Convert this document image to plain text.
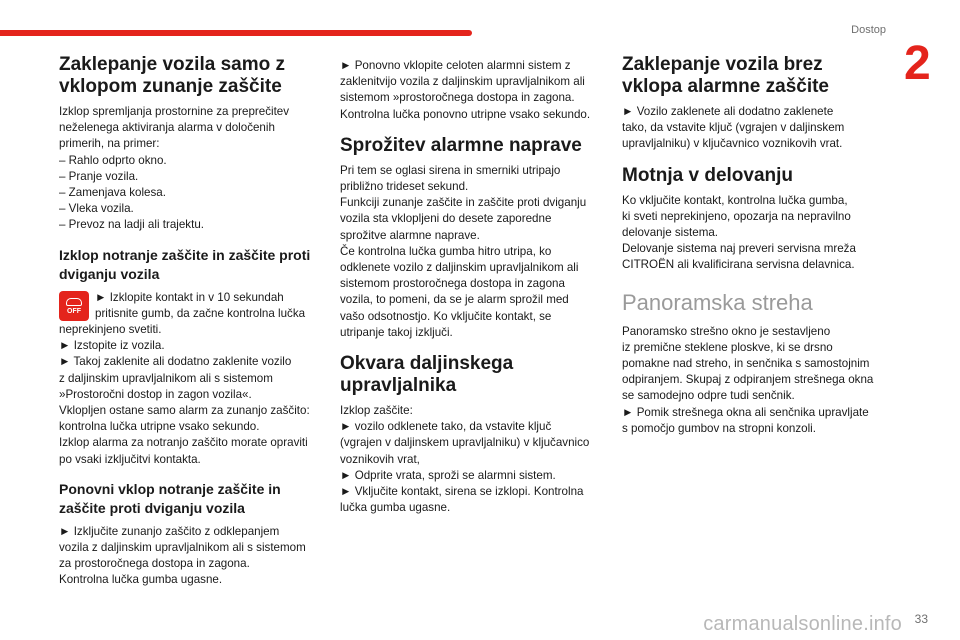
Dostop
2
Zaklepanje vozila samo z
vklopom zunanje zaščite

Izklop spremljanja prostornine za preprečitev

neželenega aktiviranja alarma v določenih

primerih, na primer:

– Rahlo odprto okno.

– Pranje vozila.

– Zamenjava kolesa.

– Vleka vozila.

– Prevoz na ladji ali trajektu.

Izklop notranje zaščite in zaščite proti
dviganju vozila
OFF

► Izklopite kontakt in v 10 sekundah

pritisnite gumb, da začne kontrolna lučka

neprekinjeno svetiti.

► Izstopite iz vozila.

► Takoj zaklenite ali dodatno zaklenite vozilo

z daljinskim upravljalnikom ali s sistemom

»Prostoročni dostop in zagon vozila«.

Vklopljen ostane samo alarm za zunanjo zaščito:

kontrolna lučka utripne vsako sekundo.

Izklop alarma za notranjo zaščito morate opraviti

po vsaki izključitvi kontakta.

Ponovni vklop notranje zaščite in
zaščite proti dviganju vozila

► Izključite zunanjo zaščito z odklepanjem

vozila z daljinskim upravljalnikom ali s sistemom

za prostoročnega dostopa in zagona.

Kontrolna lučka gumba ugasne.

► Ponovno vklopite celoten alarmni sistem z

zaklenitvijo vozila z daljinskim upravljalnikom ali

sistemom »prostoročnega dostopa in zagona.

Kontrolna lučka ponovno utripne vsako sekundo.

Sprožitev alarmne naprave

Pri tem se oglasi sirena in smerniki utripajo

približno trideset sekund.

Funkciji zunanje zaščite in zaščite proti dviganju

vozila sta vklopljeni do desete zaporedne

sprožitve alarmne naprave.

Če kontrolna lučka gumba hitro utripa, ko

odklenete vozilo z daljinskim upravljalnikom ali

sistemom prostoročnega dostopa in zagona

vozila, to pomeni, da se je alarm sprožil med

vašo odsotnostjo. Ko vključite kontakt, se

utripanje takoj izključi.

Okvara daljinskega
upravljalnika

Izklop zaščite:

► vozilo odklenete tako, da vstavite ključ

(vgrajen v daljinskem upravljalniku) v ključavnico

voznikovih vrat,

► Odprite vrata, sproži se alarmni sistem.

► Vključite kontakt, sirena se izklopi. Kontrolna

lučka gumba ugasne.

Zaklepanje vozila brez
vklopa alarmne zaščite

► Vozilo zaklenete ali dodatno zaklenete

tako, da vstavite ključ (vgrajen v daljinskem

upravljalniku) v ključavnico voznikovih vrat.

Motnja v delovanju

Ko vključite kontakt, kontrolna lučka gumba,

ki sveti neprekinjeno, opozarja na nepravilno

delovanje sistema.

Delovanje sistema naj preveri servisna mreža

CITROËN ali kvalificirana servisna delavnica.

Panoramska streha

Panoramsko strešno okno je sestavljeno

iz premične steklene ploskve, ki se drsno

pomakne nad streho, in senčnika s samostojnim

odpiranjem. Skupaj z odpiranjem strešnega okna

se samodejno odpre tudi senčnik.

► Pomik strešnega okna ali senčnika upravljate

s pomočjo gumbov na stropni konzoli.

33
carmanualsonline.info
